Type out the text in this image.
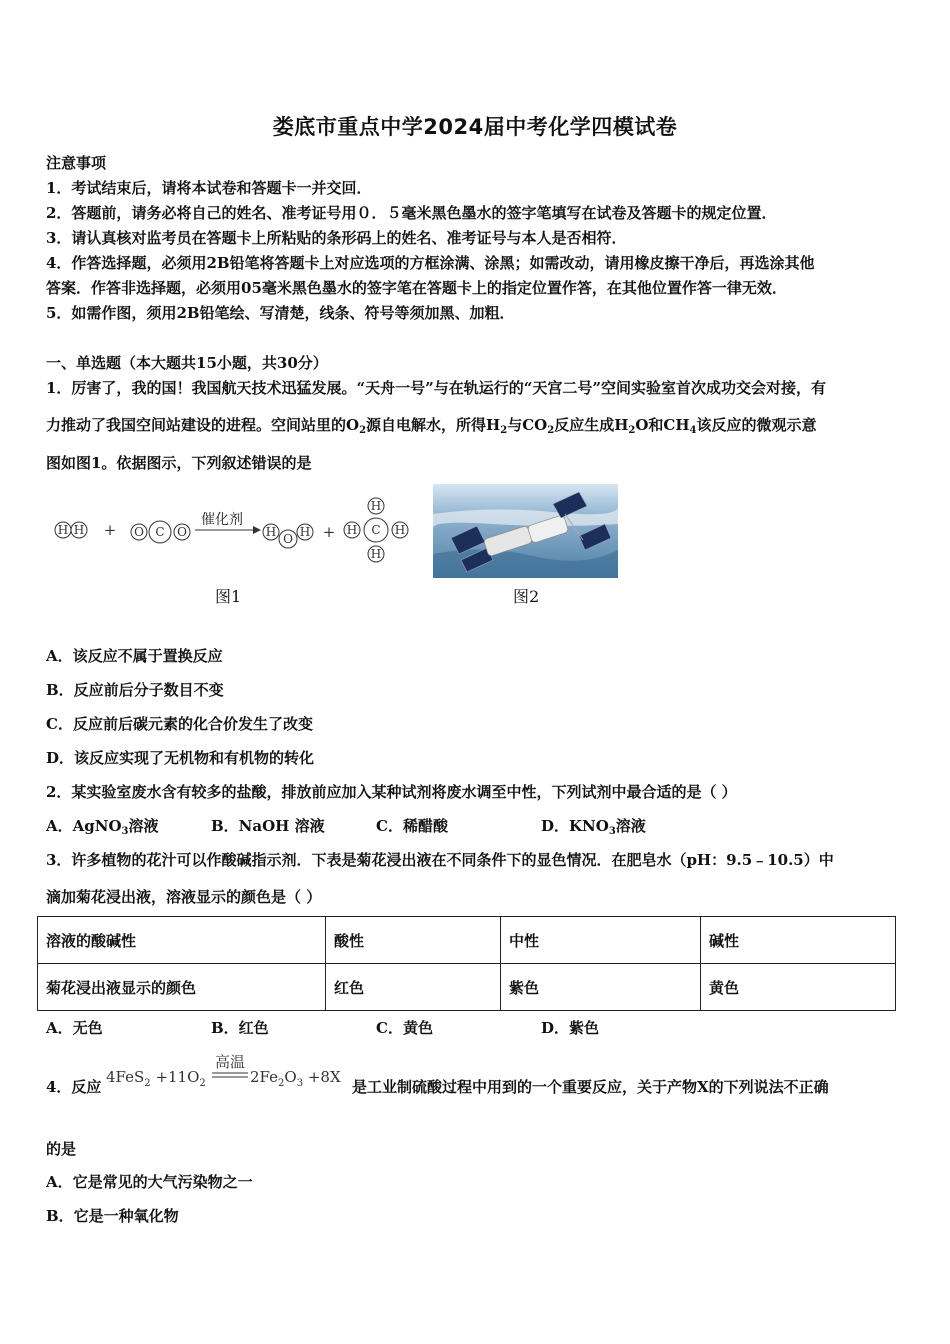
娄底市重点中学2024届中考化学四模试卷
注意事项
1．考试结束后，请将本试卷和答题卡一并交回．
2．答题前，请务必将自己的姓名、准考证号用０．５毫米黑色墨水的签字笔填写在试卷及答题卡的规定位置．
3．请认真核对监考员在答题卡上所粘贴的条形码上的姓名、准考证号与本人是否相符．
4．作答选择题，必须用2B铅笔将答题卡上对应选项的方框涂满、涂黑；如需改动，请用橡皮擦干净后，再选涂其他
答案．作答非选择题，必须用05毫米黑色墨水的签字笔在答题卡上的指定位置作答，在其他位置作答一律无效．
5．如需作图，须用2B铅笔绘、写清楚，线条、符号等须加黑、加粗．
一、单选题（本大题共15小题，共30分）
1．厉害了，我的国！我国航天技术迅猛发展。“天舟一号”与在轨运行的“天宫二号”空间实验室首次成功交会对接，有
力推动了我国空间站建设的进程。空间站里的$O_2$源自电解水，所得$H_2$与$CO_2$反应生成$H_2O$和$CH_4$该反应的微观示意
图如图1。依据图示，下列叙述错误的是
H H + O C O
催化剂
H O H +
H
H C H
H
图1	图2
A．该反应不属于置换反应
B．反应前后分子数目不变
C．反应前后碳元素的化合价发生了改变
D．该反应实现了无机物和有机物的转化
2．某实验室废水含有较多的盐酸，排放前应加入某种试剂将废水调至中性，下列试剂中最合适的是（ ）
A．AgNO$_3$溶液	B．NaOH 溶液	C．稀醋酸	D．$KNO_3$溶液
3．许多植物的花汁可以作酸碱指示剂．下表是菊花浸出液在不同条件下的显色情况．在肥皂水（pH：9.5﹣10.5）中
滴加菊花浸出液，溶液显示的颜色是（ ）
溶液的酸碱性	酸性	中性	碱性
菊花浸出液显示的颜色	红色	紫色	黄色
A．无色	B．红色	C．黄色	D．紫色
4．反应
$4FeS_2 +11O_2$
高温
$2Fe_2O_3 +8X$
是工业制硫酸过程中用到的一个重要反应，关于产物X的下列说法不正确
的是
A．它是常见的大气污染物之一
B．它是一种氧化物
